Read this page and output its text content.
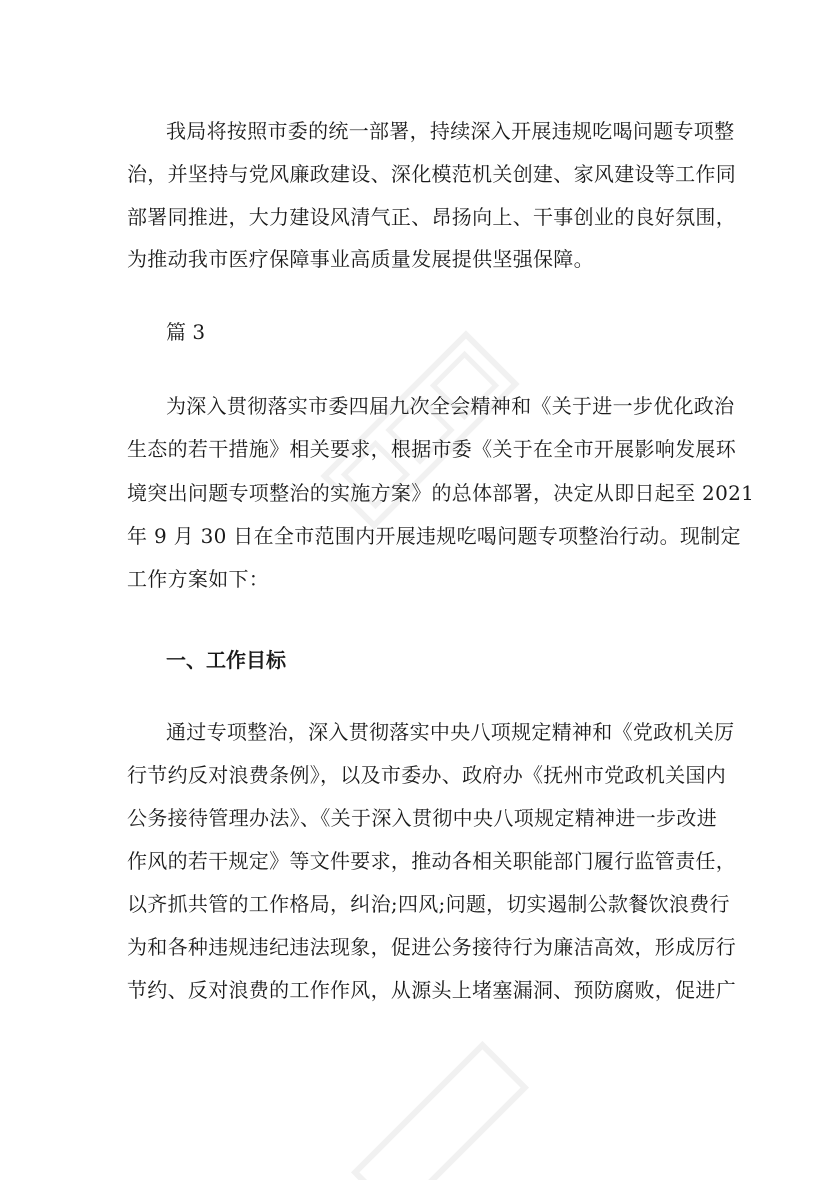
我局将按照市委的统一部署，持续深入开展违规吃喝问题专项整
治，并坚持与党风廉政建设、深化模范机关创建、家风建设等工作同
部署同推进，大力建设风清气正、昂扬向上、干事创业的良好氛围，
为推动我市医疗保障事业高质量发展提供坚强保障。
篇 3
为深入贯彻落实市委四届九次全会精神和《关于进一步优化政治
生态的若干措施》相关要求，根据市委《关于在全市开展影响发展环
境突出问题专项整治的实施方案》的总体部署，决定从即日起至 2021
年 9 月 30 日在全市范围内开展违规吃喝问题专项整治行动。现制定
工作方案如下：
一、工作目标
通过专项整治，深入贯彻落实中央八项规定精神和《党政机关厉
行节约反对浪费条例》，以及市委办、政府办《抚州市党政机关国内
公务接待管理办法》、《关于深入贯彻中央八项规定精神进一步改进
作风的若干规定》等文件要求，推动各相关职能部门履行监管责任，
以齐抓共管的工作格局，纠治;四风;问题，切实遏制公款餐饮浪费行
为和各种违规违纪违法现象，促进公务接待行为廉洁高效，形成厉行
节约、反对浪费的工作作风，从源头上堵塞漏洞、预防腐败，促进广
